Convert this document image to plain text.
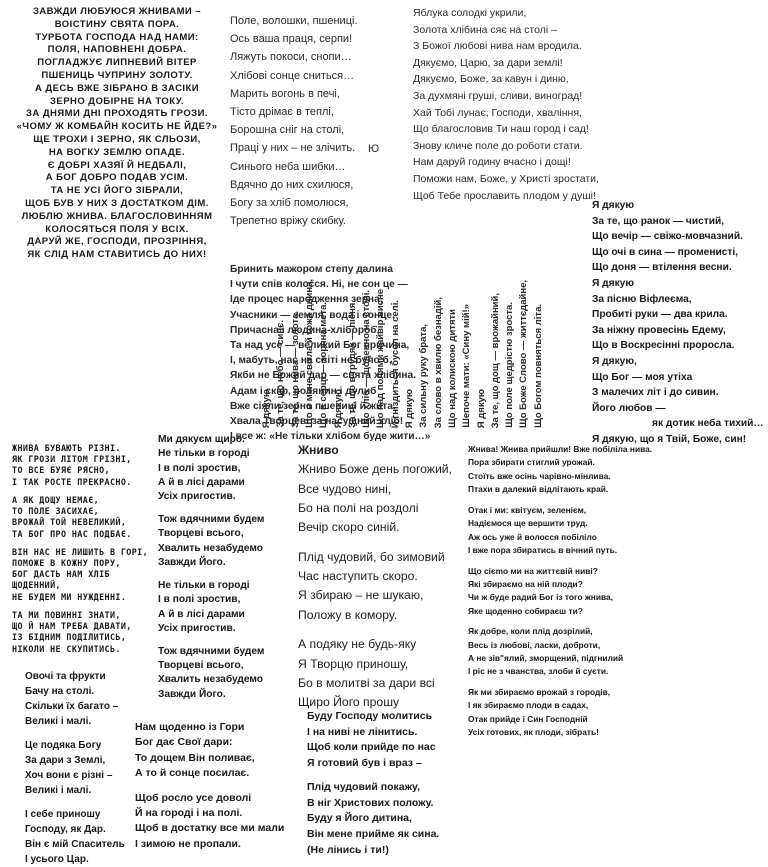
ЗАВЖДИ ЛЮБУЮСЯ ЖНИВАМИ –

ВОІСТИНУ СВЯТА ПОРА.

ТУРБОТА ГОСПОДА НАД НАМИ:

ПОЛЯ, НАПОВНЕНІ ДОБРА.

ПОГЛАДЖУЄ ЛИПНЕВИЙ ВІТЕР

ПШЕНИЦЬ ЧУПРИНУ ЗОЛОТУ.

А ДЕСЬ ВЖЕ ЗІБРАНО В ЗАСІКИ

ЗЕРНО ДОБІРНЕ НА ТОКУ.

ЗА ДНЯМИ ДНІ ПРОХОДЯТЬ ГРОЗИ.

«ЧОМУ Ж КОМБАЙН КОСИТЬ НЕ ЙДЕ?»

ЩЕ ТРОХИ І ЗЕРНО, ЯК СЛЬОЗИ,

НА ВОГКУ ЗЕМЛЮ ОПАДЕ.

Є ДОБРІ ХАЗЯЇ Й НЕДБАЛІ,

А БОГ ДОБРО ПОДАВ УСІМ.

ТА НЕ УСІ ЙОГО ЗІБРАЛИ,

ЩОБ БУВ У НИХ З ДОСТАТКОМ ДІМ.

ЛЮБЛЮ ЖНИВА. БЛАГОСЛОВИННЯМ

КОЛОСЯТЬСЯ ПОЛЯ У ВСІХ.

ДАРУЙ ЖЕ, ГОСПОДИ, ПРОЗРІННЯ,

ЯК СЛІД НАМ СТАВИТИСЬ ДО НИХ!

Поле, волошки, пшениці.

Ось ваша праця, серпи!

Ляжуть покоси, снопи…

Хлібові сонце сниться…

Марить вогонь в печі,

Тісто дрімає в теплі,

Борошна сніг на столі,

Праці у них – не злічить.

Синього неба шибки…

Вдячно до них схилюся,

Богу за хліб помолюся,

Трепетно вріжу скибку.

Ю

Яблука солодкі укрили,

Золота хлібина сяє на столі –

З Божої любові нива нам вродила.

Дякуємо, Царю, за дари землі!

Дякуємо, Боже, за кавун і диню,

За духмяні груші, сливи, виноград!

Хай Тобі лунає, Господи, хваління,

Що благословив Ти наш город і сад!

Знову кличе поле до роботи стати.

Нам даруй годину вчасно і дощі!

Поможи нам, Боже, у Христі зростати,

Щоб Тебе прославить плодом у душі!

Я дякую

За те, що ранок — чистий,

Що вечір — свіжо-мовчазний.

Що очі в сина — променисті,

Що доня — втілення весни.

Я дякую

За пісню Віфлеєма,

Пробиті руки — два крила.

За ніжну провесінь Едему,

Що в Воскресінні проросла.

Я дякую,

Що Бог — моя утіха

З малечих літ і до сивин.

Його любов —

як дотик неба тихий…

Я дякую, що я Твій, Боже, син!

Бринить мажором степу далина

І чути спів колосся. Ні, не сон це —

Іде процес народження зерна,

Учасники — земля, вода і сонце.

Причасна і людина-хлібороб,

Та над усе — великий Бог причина,

І, мабуть, нас на світі не було б,

Якби не Божий дар — свята хлібина.

Адам і скіф, полянин і дулиб

Вже сіяли зерно пшениці й жита.

Хвала Творцеві за насущний хліб!

І все ж: «Не тільки хлібом буде жити…»

Я дякую За те, що небо — синє. За те, що нива — золота. Що в мене світла й гожа днина, Що в серці — зоряна мета. Я дякую За те, що в грудях — пісня. Що хліб — щоденно на столі. Що над полями жайвір висне Й гніздиться бусол на селі. Я дякую За сильну руку брата, За слово в хвилю безнадій, Що над колискою дитяти Шепоче мати: «Сину мій!» Я дякую За те, що дощ — врожайний, Що поле щедрістю зроста. Що Боже Слово — життєдайне, Що Богом повняться літа.

ЖНИВА БУВАЮТЬ РІЗНІ.

ЯК ГРОЗИ ЛІТОМ ГРІЗНІ,

ТО ВСЕ БУЯЄ РЯСНО,

І ТАК РОСТЕ ПРЕКРАСНО.

А ЯК ДОЩУ НЕМАЄ,

ТО ПОЛЕ ЗАСИХАЄ,

ВРОЖАЙ ТОЙ НЕВЕЛИКИЙ,

ТА БОГ ПРО НАС ПОДБАЄ.

ВІН НАС НЕ ЛИШИТЬ В ГОРІ,

ПОМОЖЕ В КОЖНУ ПОРУ,

БОГ ДАСТЬ НАМ ХЛІБ

ЩОДЕННИЙ,

НЕ БУДЕМ МИ НУЖДЕННІ.

ТА МИ ПОВИННІ ЗНАТИ,

ЩО Й НАМ ТРЕБА ДАВАТИ,

ІЗ БІДНИМ ПОДІЛИТИСЬ,

НІКОЛИ НЕ СКУПИТИСЬ.

Овочі та фрукти

Бачу на столі.

Скільки їх багато –

Великі і малі.

Це подяка Богу

За дари з Землі,

Хоч вони є різні –

Великі і малі.

І себе приношу

Господу, як Дар.

Він є мій Спаситель

І усього Цар.

Ми дякуєм щиро.

Не тільки в городі

І в полі зростив,

А й в лісі дарами

Усіх пригостив.

Тож вдячними будем

Творцеві всього,

Хвалить незабудемо

Завжди Його.

Не тільки в городі

І в полі зростив,

А й в лісі дарами

Усіх пригостив.

Тож вдячними будем

Творцеві всього,

Хвалить незабудемо

Завжди Його.

Нам щоденно із Гори

Бог дає Свої дари:

То дощем Він поливає,

А то й сонце посилає.

Щоб росло усе доволі

Й на городі і на полі.

Щоб в достатку все ми мали

І зимою не пропали.

Жниво

Жниво Боже день погожий,

Все чудово нині,

Бо на полі на роздолі

Вечір скоро синій.

Плід чудовий, бо зимовий

Час наступить скоро.

Я збираю – не шукаю,

Положу в комору.

А подяку не будь-яку

Я Творцю приношу,

Бо в молитві за дари всі

Щиро Його прошу

Буду Господу молитись

І на ниві не лінитись.

Щоб коли прийде по нас

Я готовий був і враз –

Плід чудовий покажу,

В ніг Христових положу.

Буду я Його дитина,

Він мене прийме як сина.

(Не лінись і ти!)

Жнива! Жнива прийшли! Вже побіліла нива.

Пора збирати стиглий урожай.

Стоїть вже осінь чарівно-мінлива.

Птахи в далекий відлітають край.

Отак і ми: квітуєм, зеленієм,

Надіємося ще вершити труд.

Аж ось уже й волосся побіліло

І вже пора збиратись в вічний путь.

Що сієmo ми на життєвій ниві?

Які збираємо на ній плоди?

Чи ж буде радий Бог із того жнива,

Яке щоденно собираєш ти?

Як добре, коли плід дозрілий,

Весь із любові, ласки, доброти,

А не зів"ялий, зморщений, підгнилий

І ріс не з чванства, злоби й суєти.

Як ми збираємо врожай з городів,

І як збираємо плоди в садах,

Отак прийде і Син Господній

Усіх готових, як плоди, зібрать!
